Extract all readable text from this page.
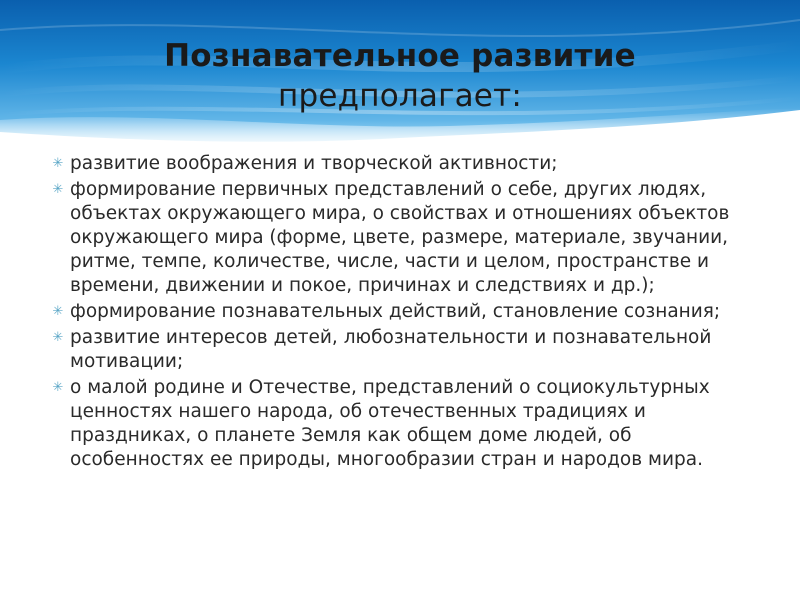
Познавательное развитие
предполагает:
✳ развитие воображения и творческой активности;
✳ формирование первичных представлений о себе, других людях, объектах окружающего мира, о свойствах и отношениях объектов окружающего мира (форме, цвете, размере, материале, звучании, ритме, темпе, количестве, числе, части и целом, пространстве и времени, движении и покое, причинах и следствиях и др.);
✳ формирование познавательных действий, становление сознания;
✳ развитие интересов детей, любознательности и познавательной мотивации;
✳ о малой родине и Отечестве, представлений о социокультурных ценностях нашего народа, об отечественных традициях и праздниках, о планете Земля как общем доме людей, об особенностях ее природы, многообразии стран и народов мира.
